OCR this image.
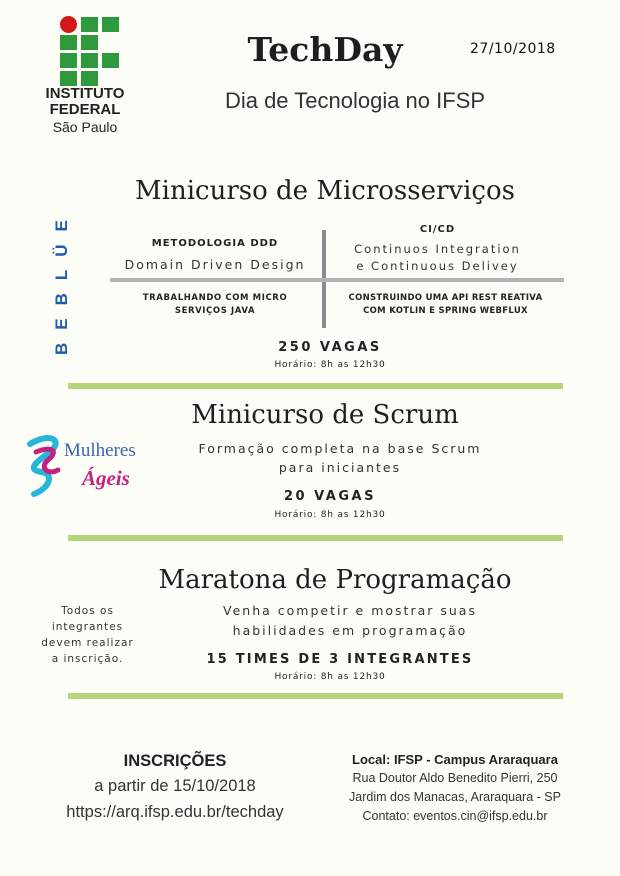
INSTITUTO
FEDERAL
São Paulo
TechDay	27/10/2018
Dia de Tecnologia no IFSP
Minicurso de Microsserviços
BEBLÜE	METODOLOGIA DDD
Domain Driven Design
CI/CD
Continuos Integration
e Continuous Delivey
TRABALHANDO COM MICRO
SERVIÇOS JAVA
CONSTRUINDO UMA API REST REATIVA
COM KOTLIN E SPRING WEBFLUX
250 VAGAS
Horário: 8h as 12h30
Minicurso de Scrum
Mulheres
Ágeis
Formação completa na base Scrum
para iniciantes
20 VAGAS
Horário: 8h as 12h30
Maratona de Programação
Todos os
integrantes
devem realizar
a inscrição.
Venha competir e mostrar suas
habilidades em programação
15 TIMES DE 3 INTEGRANTES
Horário: 8h as 12h30
INSCRIÇÕES
a partir de 15/10/2018
https://arq.ifsp.edu.br/techday
Local: IFSP - Campus Araraquara
Rua Doutor Aldo Benedito Pierri, 250
Jardim dos Manacas, Araraquara - SP
Contato: eventos.cin@ifsp.edu.br
